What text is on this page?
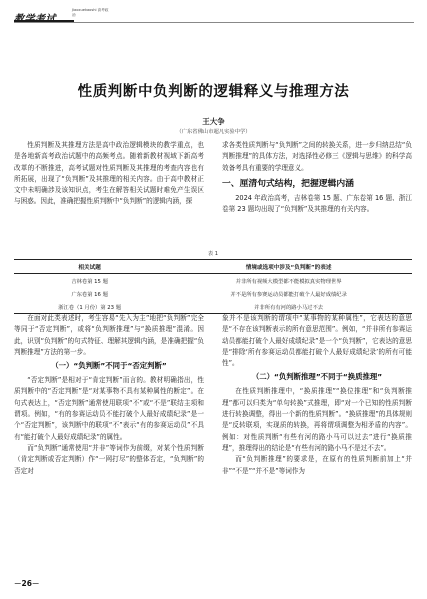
Jiaoxuekaoshi 高考政治
性质判断中负判断的逻辑释义与推理方法
王大争
（广东省佛山市超凡实验中学）

性质判断及其推理方法是高中政治逻辑模块的教学重点，也是各地新高考政治试题中的高频考点。随着新教材视域下新高考改革的不断推进，高考试题对性质判断及其推理的考查内容也有所拓展，出现了“负判断”及其推理的相关内容。由于高中教材正文中未明确涉及该知识点，考生在解答相关试题时难免产生误区与困惑。因此，准确把握性质判断中“负判断”的逻辑内涵，探

求各类性质判断与“负判断”之间的转换关系，进一步归纳总结“负判断推理”的具体方法，对选择性必修三《逻辑与思维》的科学高效备考具有重要的学理意义。

一、厘清句式结构，把握逻辑内涵

2024 年政治高考，吉林卷第 15 题、广东卷第 16 题、浙江卷第 23 题均出现了“负判断”及其推理的有关内容。

表 1
相关试题	情境或选项中涉及“负判断”的表述
吉林卷第 15 题	并非所有视频大模型都不能模拟真实物理世界
广东卷第 16 题	并不是所有参赛运动员都能打破个人最好成绩纪录
浙江卷（1 月份）第 23 题	并非所有有河的路小马过不去

在面对此类表述时，考生容易“先入为主”地把“负判断”完全等同于“否定判断”，或将“负判断推理”与“换质推理”混淆。因此，识别“负判断”的句式特征、理解其逻辑内涵，是准确把握“负判断推理”方法的第一步。

（一）“负判断”不同于“否定判断”

“否定判断”是相对于“肯定判断”而言的。教材明确指出，性质判断中的“否定判断”是“对某事物不具有某种属性的断定”。在句式表达上，“否定判断”通常使用联项“不”或“不是”联结主项和谓项。例如，“有的参赛运动员不能打破个人最好成绩纪录”是一个“否定判断”，该判断中的联项“不”表示“有的参赛运动员”不具有“能打破个人最好成绩纪录”的属性。

而“负判断”通常使用“并非”等词作为前缀，对某个性质判断（肯定判断或否定判断）作“一网打尽”的整体否定，“负判断”的否定对

象并不是该判断的谓项中“某事物的某种属性”，它表达的意思是“不存在该判断表示的所有意思范围”。例如，“并非所有参赛运动员都能打破个人最好成绩纪录”是一个“负判断”，它表达的意思是“排除‘所有参赛运动员都能打破个人最好成绩纪录’的所有可能性”。

（二）“负判断推理”不同于“换质推理”

在性质判断推理中，“换质推理”“换位推理”和“负判断推理”都可以归类为“单句转换”式推理，即“对一个已知的性质判断进行转换调整，得出一个新的性质判断”。“换质推理”的具体规则是“反转联项，实现质的转换，再将谓项调整为相矛盾的内容”。例如：对性质判断“有些有河的路小马可以过去”进行“换质推理”，推理得出的结论是“有些有河的路小马不是过不去”。

而“负判断推理”的要求是，在原有的性质判断前加上“并非”“不是”“并不是”等词作为

－26－
